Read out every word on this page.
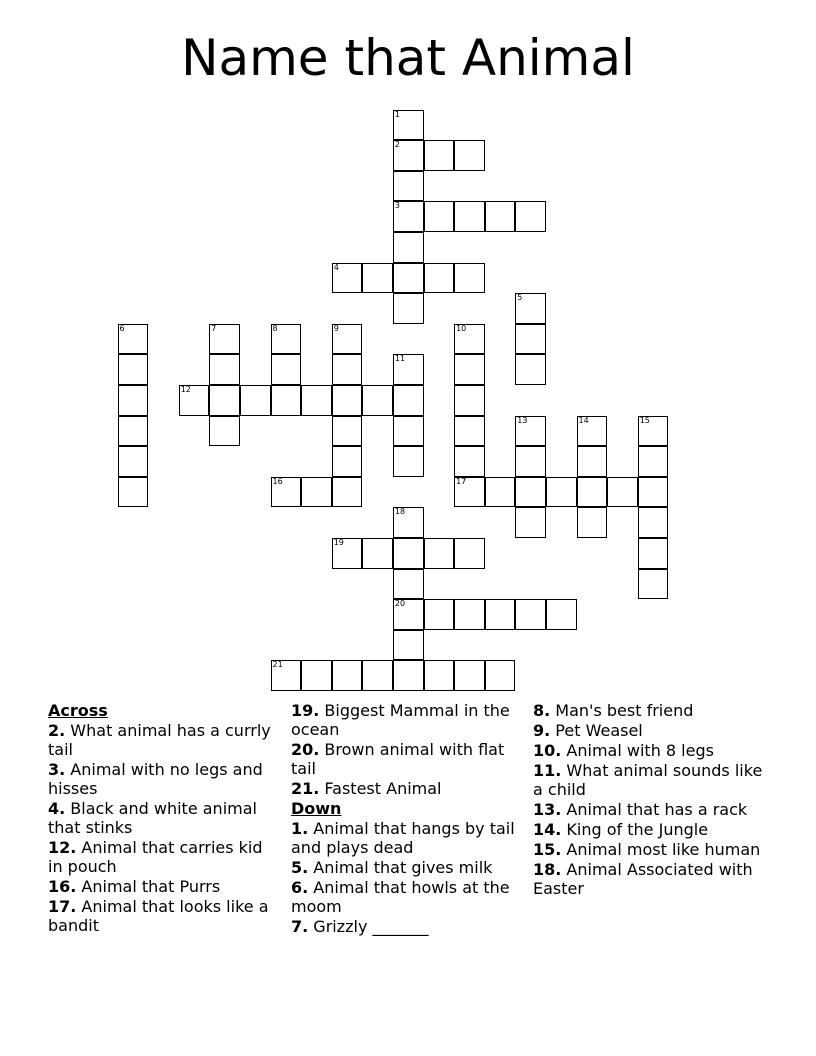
Name that Animal
1
2
3
4
5
6	7	8	9	10
11
12
13	14	15
16	17
18
19
20
21

Across

2. What animal has a currly tail

3. Animal with no legs and hisses

4. Black and white animal that stinks

12. Animal that carries kid in pouch

16. Animal that Purrs

17. Animal that looks like a bandit

19. Biggest Mammal in the ocean

20. Brown animal with flat tail

21. Fastest Animal

Down

1. Animal that hangs by tail and plays dead

5. Animal that gives milk

6. Animal that howls at the moom

7. Grizzly _______

8. Man's best friend

9. Pet Weasel

10. Animal with 8 legs

11. What animal sounds like a child

13. Animal that has a rack

14. King of the Jungle

15. Animal most like human

18. Animal Associated with Easter
